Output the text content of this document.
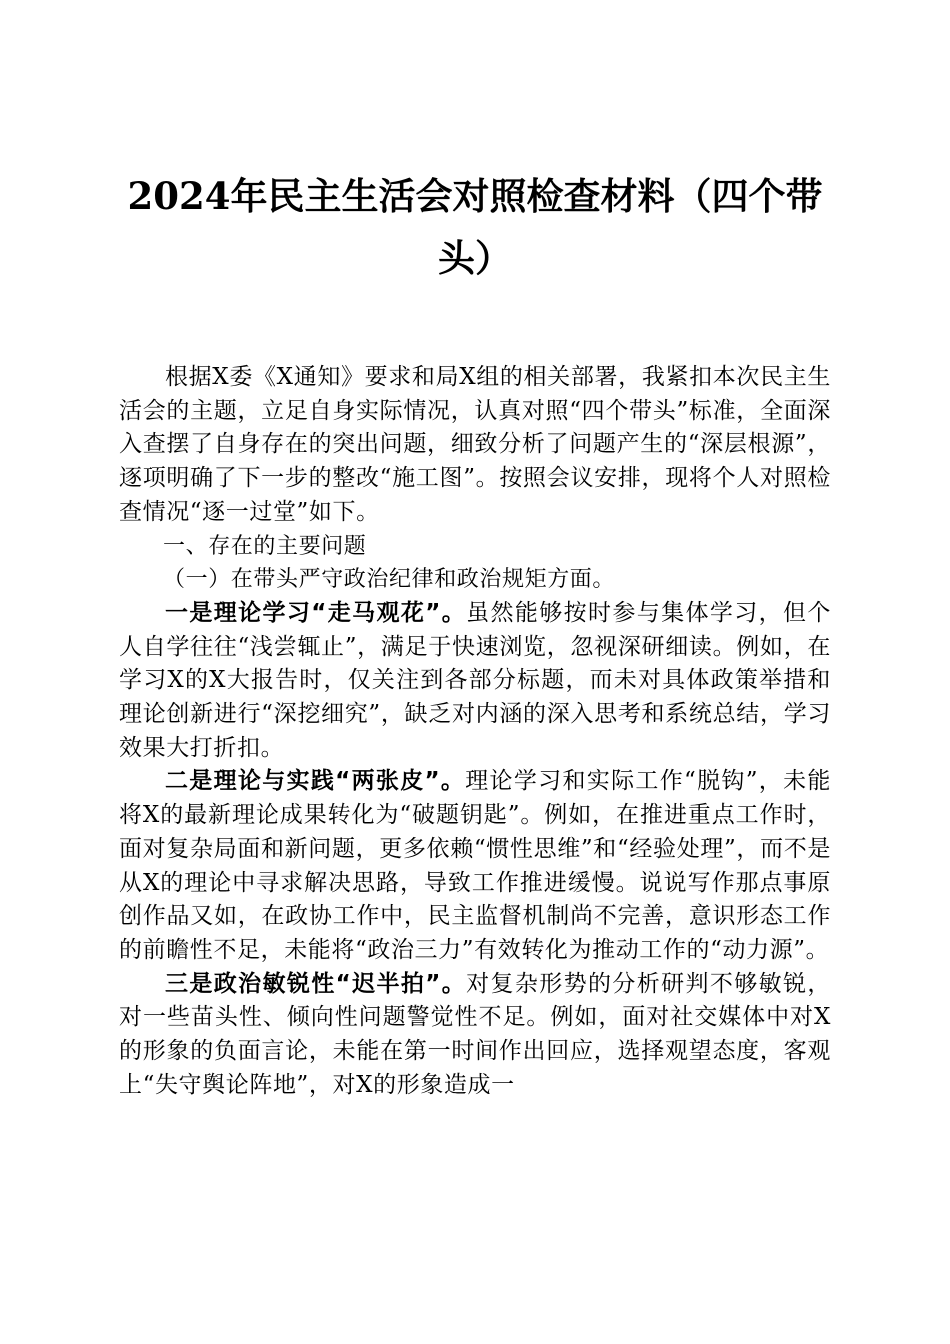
2024年民主生活会对照检查材料（四个带
头）

根据X委《X通知》要求和局X组的相关部署，我紧扣本次民主生活会的主题，立足自身实际情况，认真对照“四个带头”标准，全面深入查摆了自身存在的突出问题，细致分析了问题产生的“深层根源”，逐项明确了下一步的整改“施工图”。按照会议安排，现将个人对照检查情况“逐一过堂”如下。

一、存在的主要问题

（一）在带头严守政治纪律和政治规矩方面。

一是理论学习“走马观花”。虽然能够按时参与集体学习，但个人自学往往“浅尝辄止”，满足于快速浏览，忽视深研细读。例如，在学习X的X大报告时，仅关注到各部分标题，而未对具体政策举措和理论创新进行“深挖细究”，缺乏对内涵的深入思考和系统总结，学习效果大打折扣。

二是理论与实践“两张皮”。理论学习和实际工作“脱钩”，未能将X的最新理论成果转化为“破题钥匙”。例如，在推进重点工作时，面对复杂局面和新问题，更多依赖“惯性思维”和“经验处理”，而不是从X的理论中寻求解决思路，导致工作推进缓慢。说说写作那点事原创作品又如，在政协工作中，民主监督机制尚不完善，意识形态工作的前瞻性不足，未能将“政治三力”有效转化为推动工作的“动力源”。

三是政治敏锐性“迟半拍”。对复杂形势的分析研判不够敏锐，对一些苗头性、倾向性问题警觉性不足。例如，面对社交媒体中对X的形象的负面言论，未能在第一时间作出回应，选择观望态度，客观上“失守舆论阵地”，对X的形象造成一
